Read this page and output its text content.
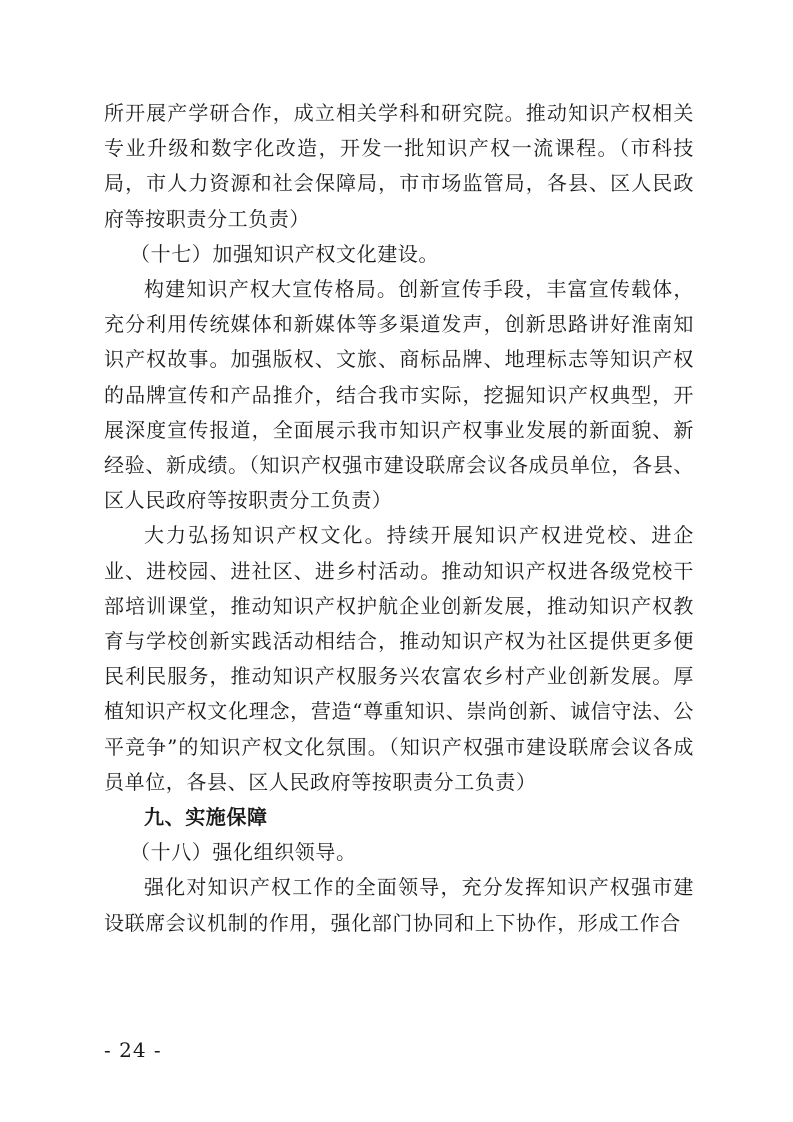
所开展产学研合作，成立相关学科和研究院。推动知识产权相关专业升级和数字化改造，开发一批知识产权一流课程。（市科技局，市人力资源和社会保障局，市市场监管局，各县、区人民政府等按职责分工负责）

（十七）加强知识产权文化建设。

构建知识产权大宣传格局。创新宣传手段，丰富宣传载体，充分利用传统媒体和新媒体等多渠道发声，创新思路讲好淮南知识产权故事。加强版权、文旅、商标品牌、地理标志等知识产权的品牌宣传和产品推介，结合我市实际，挖掘知识产权典型，开展深度宣传报道，全面展示我市知识产权事业发展的新面貌、新经验、新成绩。（知识产权强市建设联席会议各成员单位，各县、区人民政府等按职责分工负责）

大力弘扬知识产权文化。持续开展知识产权进党校、进企业、进校园、进社区、进乡村活动。推动知识产权进各级党校干部培训课堂，推动知识产权护航企业创新发展，推动知识产权教育与学校创新实践活动相结合，推动知识产权为社区提供更多便民利民服务，推动知识产权服务兴农富农乡村产业创新发展。厚植知识产权文化理念，营造“尊重知识、崇尚创新、诚信守法、公平竞争”的知识产权文化氛围。（知识产权强市建设联席会议各成员单位，各县、区人民政府等按职责分工负责）

九、实施保障

（十八）强化组织领导。

强化对知识产权工作的全面领导，充分发挥知识产权强市建设联席会议机制的作用，强化部门协同和上下协作，形成工作合

- 24 -
